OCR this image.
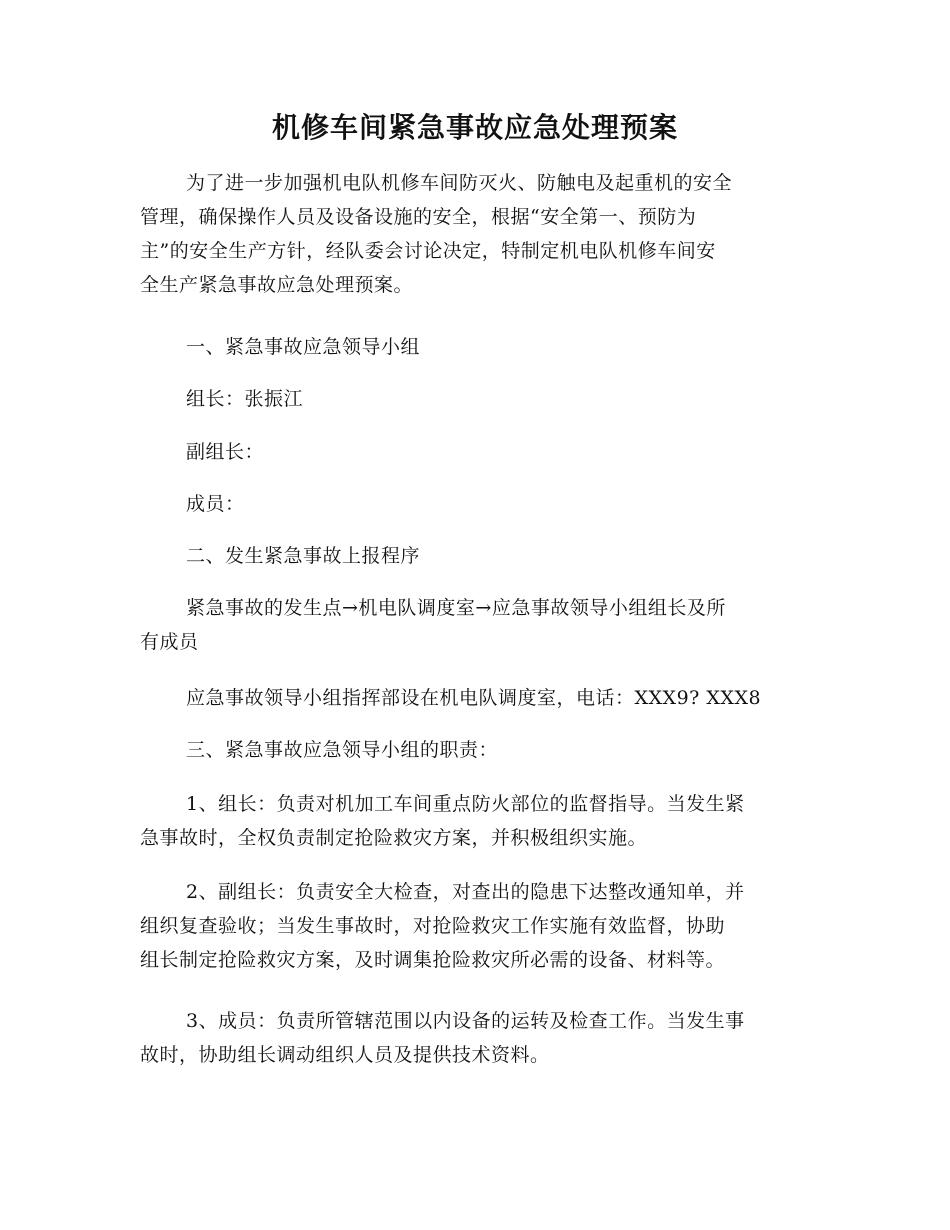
机修车间紧急事故应急处理预案
为了进一步加强机电队机修车间防灭火、防触电及起重机的安全
管理，确保操作人员及设备设施的安全，根据“安全第一、预防为
主”的安全生产方针，经队委会讨论决定，特制定机电队机修车间安
全生产紧急事故应急处理预案。
一、紧急事故应急领导小组
组长：张振江
副组长：
成员：
二、发生紧急事故上报程序
紧急事故的发生点→机电队调度室→应急事故领导小组组长及所
有成员
应急事故领导小组指挥部设在机电队调度室，电话：XXX9? XXX8
三、紧急事故应急领导小组的职责：
1、组长：负责对机加工车间重点防火部位的监督指导。当发生紧
急事故时，全权负责制定抢险救灾方案，并积极组织实施。
2、副组长：负责安全大检查，对查出的隐患下达整改通知单，并
组织复查验收；当发生事故时，对抢险救灾工作实施有效监督，协助
组长制定抢险救灾方案，及时调集抢险救灾所必需的设备、材料等。
3、成员：负责所管辖范围以内设备的运转及检查工作。当发生事
故时，协助组长调动组织人员及提供技术资料。
